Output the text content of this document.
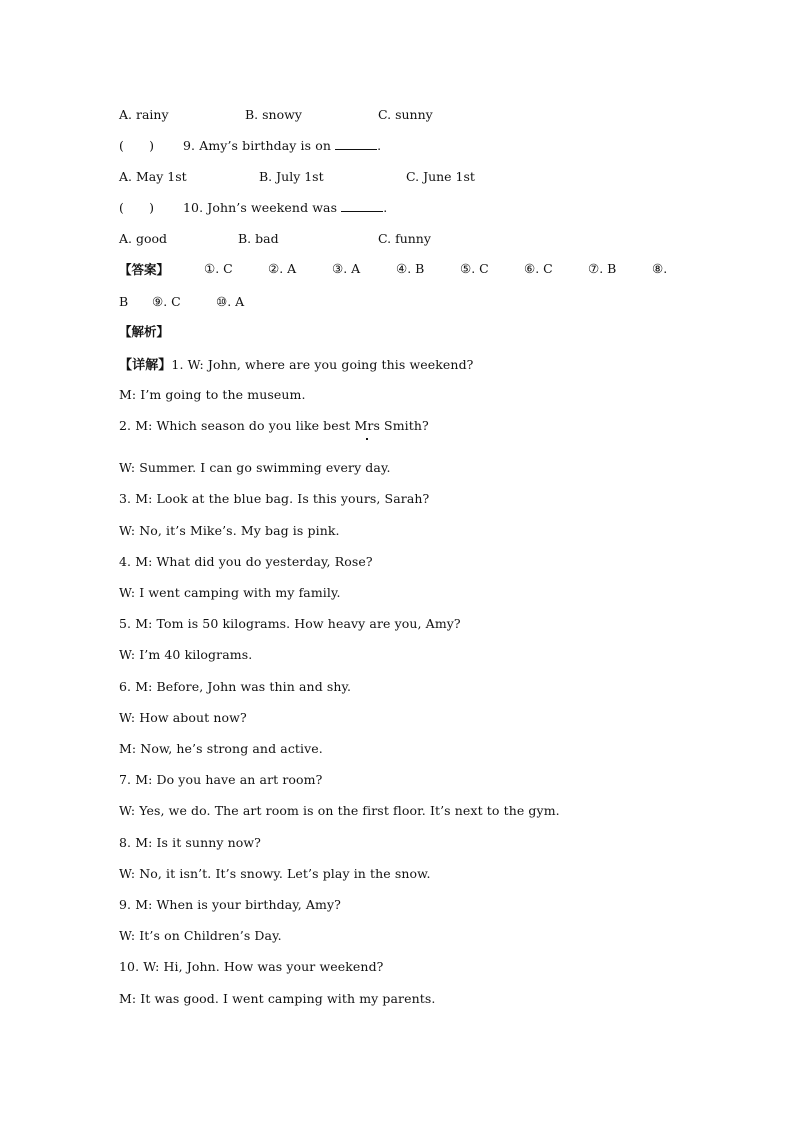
A. rainy	B. snowy	C. sunny
(　　) 9. Amy’s birthday is on	.
A. May 1st	B. July 1st	C. June 1st
(　　) 10. John’s weekend was	.
A. good	B. bad	C. funny
【答案】	①. C	②. A	③. A	④. B	⑤. C	⑥. C	⑦. B	⑧.
B ⑨. C	⑩. A
【解析】
【详解】1. W: John, where are you going this weekend?
M: I’m going to the museum.
2. M: Which season do you like best Mrs Smith?
W: Summer. I can go swimming every day.
3. M: Look at the blue bag. Is this yours, Sarah?
W: No, it’s Mike’s. My bag is pink.
4. M: What did you do yesterday, Rose?
W: I went camping with my family.
5. M: Tom is 50 kilograms. How heavy are you, Amy?
W: I’m 40 kilograms.
6. M: Before, John was thin and shy.
W: How about now?
M: Now, he’s strong and active.
7. M: Do you have an art room?
W: Yes, we do. The art room is on the first floor. It’s next to the gym.
8. M: Is it sunny now?
W: No, it isn’t. It’s snowy. Let’s play in the snow.
9. M: When is your birthday, Amy?
W: It’s on Children’s Day.
10. W: Hi, John. How was your weekend?
M: It was good. I went camping with my parents.
